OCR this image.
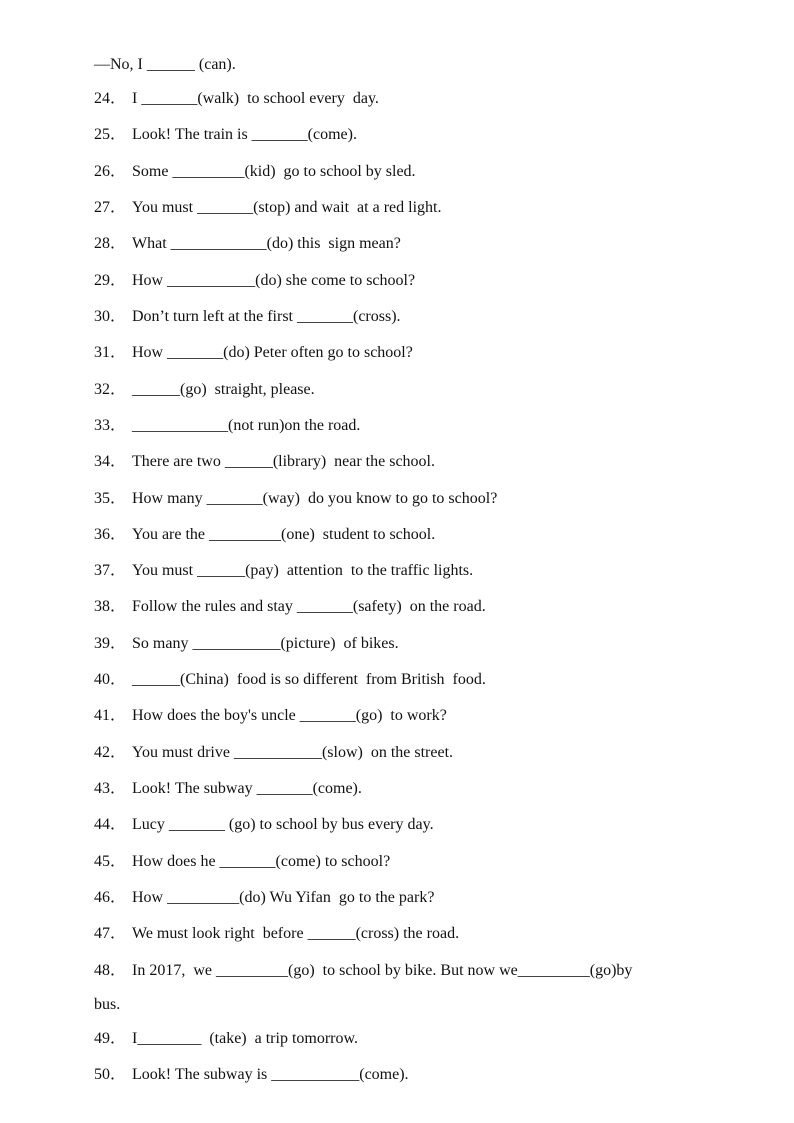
—No, I ______ (can).
24． I _______(walk)  to school every  day.
25． Look! The train is _______(come).
26． Some _________(kid)  go to school by sled.
27． You must _______(stop) and wait  at a red light.
28． What ____________(do) this  sign mean?
29． How ___________(do) she come to school?
30． Don’t turn left at the first _______(cross).
31． How _______(do) Peter often go to school?
32． ______(go)  straight, please.
33． ____________(not run)on the road.
34． There are two ______(library)  near the school.
35． How many _______(way)  do you know to go to school?
36． You are the _________(one)  student to school.
37． You must ______(pay)  attention  to the traffic lights.
38． Follow the rules and stay _______(safety)  on the road.
39． So many ___________(picture)  of bikes.
40． ______(China)  food is so different  from British  food.
41． How does the boy's uncle _______(go)  to work?
42． You must drive ___________(slow)  on the street.
43． Look! The subway _______(come).
44． Lucy _______ (go) to school by bus every day.
45． How does he _______(come) to school?
46． How _________(do) Wu Yifan  go to the park?
47． We must look right  before ______(cross) the road.
48． In 2017,  we _________(go)  to school by bike. But now we_________(go)by
bus.
49． I________  (take)  a trip tomorrow.
50． Look! The subway is ___________(come).
